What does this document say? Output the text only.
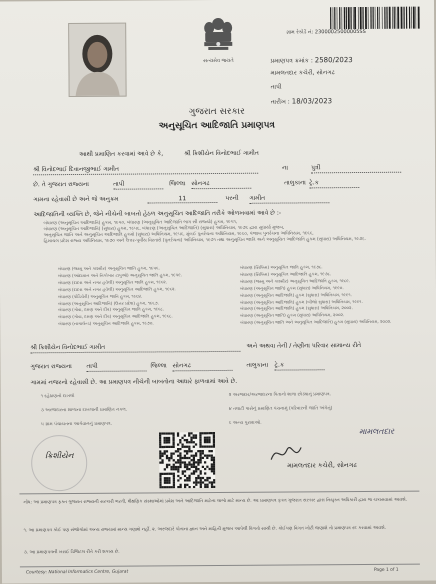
સત્યમેવ જયતે
ગ્રામ રેકોર્ડ નં: 23000025000005SS
પ્રમાણપત્ર ક્રમાંક : 2580/2023
મામલતદાર કચેરી, સોનગઢ
તાપી
તારીખ : 18/03/2023
ગુજરાત સરકાર
અનુસૂચિત આદિજાતિ પ્રમાણપત્ર
આથી પ્રમાણિત કરવામાં આવે છે કે,	શ્રી ક્રિશીયેન વિનોદભાઈ ગામીત
શ્રી વિનોદભાઈ દિવાનજીભાઈ ગામીત	ના	પુત્રી
છે. તે ગુજરાત રાજ્યના	તાપી	જિલ્લા સોનગઢ	તાલુકાના ટ્રે.ક
ગામના રહેવાસી છે અને જે અનુક્રમ	11	પરની ગામીત
આદિજાતિની વ્યક્તિ છે, જેને નીચેની બાબતો હેઠળ અનુસૂચિત આદિજાતિ તરીકે ઓળખવામાં આવે છે :-
બંધારણ (અનુસૂચિત આદિજાતિ) હુકમ, ૧૯૫૦, બંધારણ (અનુસૂચિત આદિજાતિ ભાગ સી રાજ્યો) હુકમ, ૧૯૫૧,
બંધારણ (અનુસૂચિત આદિજાતિ) (સુધારા) હુકમ, ૧૯૫૬, બંધારણ (અનુસૂચિત આદિજાતિ) (સુધારા) અધિનિયમ, ૧૯૭૬ દ્વારા સુધાર્યા મુજબ,
અનુસૂચિત જાતિ અને અનુસૂચિત આદિજાતિ હુકમો (સુધારા) અધિનિયમ, ૧૯૫૬, મુંબઈ પુનર્રચના અધિનિયમ, ૧૯૬૦, પંજાબ પુનર્રચના અધિનિયમ, ૧૯૬૬,
હિમાચલ પ્રદેશ રાજ્ય અધિનિયમ, ૧૯૭૦ અને ઉત્તર-પૂર્વીય વિસ્તારો (પુનર્રચના) અધિનિયમ, ૧૯૭૧ તથા અનુસૂચિત જાતિ અને અનુસૂચિત આદિજાતિ હુકમ (સુધારા) અધિનિયમ, ૧૯૭૬.
બંધારણ (જમ્મુ અને કાશ્મીર) અનુસૂચિત જાતિ હુકમ, ૧૯૫૬.
બંધારણ (આંદામાન અને નિકોબાર ટાપુઓ) અનુસૂચિત જાતિ હુકમ, ૧૯૫૯.
બંધારણ (દાદરા અને નગર હવેલી) અનુસૂચિત જાતિ હુકમ, ૧૯૬૨.
બંધારણ (દાદરા અને નગર હવેલી) અનુસૂચિત આદિજાતિ હુકમ, ૧૯૬૨.
બંધારણ (પોંડિચેરી) અનુસૂચિત જાતિ હુકમ, ૧૯૬૪.
બંધારણ (અનુસૂચિત આદિજાતિ) (ઉત્તર પ્રદેશ) હુકમ, ૧૯૬૭.
બંધારણ (ગોવા, દમણ અને દીવ) અનુસૂચિત જાતિ હુકમ, ૧૯૬૮.
બંધારણ (ગોવા, દમણ અને દીવ) અનુસૂચિત આદિજાતિ હુકમ, ૧૯૬૮.
બંધારણ (નાગાલેન્ડ) અનુસૂચિત આદિજાતિ હુકમ, ૧૯૭૦.
બંધારણ (સિક્કિમ) અનુસૂચિત જાતિ હુકમ, ૧૯૭૮.
બંધારણ (સિક્કિમ) અનુસૂચિત આદિજાતિ હુકમ, ૧૯૭૮.
બંધારણ (જમ્મુ અને કાશ્મીર) અનુસૂચિત આદિજાતિ હુકમ, ૧૯૮૯.
બંધારણ (અનુસૂચિત જાતિ) હુકમ (સુધારા) અધિનિયમ, ૧૯૯૦.
બંધારણ (અનુસૂચિત આદિજાતિ) હુકમ (સુધારા) અધિનિયમ, ૧૯૯૧.
બંધારણ (અનુસૂચિત આદિજાતિ) હુકમ (બીજો સુધારા) અધિનિયમ, ૧૯૯૧.
બંધારણ (અનુસૂચિત આદિજાતિ) હુકમ (સુધારા) અધિનિયમ, ૨૦૦૨.
બંધારણ (અનુસૂચિત જાતિ) હુકમ (સુધારા) અધિનિયમ, ૨૦૦૨.
બંધારણ (અનુસૂચિત જાતિ અને અનુસૂચિત આદિજાતિ) હુકમ (સુધારા) અધિનિયમ, ૨૦૦૨.
શ્રી ક્રિશીયેન વિનોદભાઈ ગામીત	અને અથવા તેની / તેણીના પરિવાર સામાન્ય રીતે
ગુજરાત રાજ્યના તાપી	જિલ્લા સોનગઢ	તાલુકાના ટ્રે.ક
ગામમાં નજરનો રહેવાસી છે. આ પ્રમાણપત્ર નીચેની બાબતોના આધારે ફાળવામાં આવે છે.
૧ રહેઠાણનો દાખલો	૨ અરજદાર/અરજદારના પિતાનો શાળા છોડ્યાનું પ્રમાણપત્ર.
૩ અરજદારના શાળાના દાખલાની પ્રમાણિત નકલ.	૪ તલાટી પાસેનું પ્રમાણિત પંચનામું (પરિવારની જાતિ અંગેનું)
૫ ગ્રામ પંચાયતના આગેવાનનું પ્રમાણપત્ર.	૬ અન્ય પુરાવાઓ.
ક્રિશીયેન
મામલતદાર
મામલતદાર કચેરી, સોનગઢ
નોંધ: આ પ્રમાણપત્ર ફક્ત ગુજરાત રાજ્યની સરકારી ભરતી, શૈક્ષણિક સંસ્થાઓમાં પ્રવેશ અને આદિજાતિ માટેના લાભો માટે માન્ય છે. આ પ્રમાણપત્ર ફક્ત ગુજરાત સરકાર દ્વારા નિયુક્ત અધિકારી દ્વારા જ ચકાસવામાં આવશે.
૧. આ પ્રમાણપત્ર કોઈ પણ સંજોગોમાં અન્ય રાજ્યમાં માન્ય ગણાશે નહીં. ૨. અરજદારે પોતાના જ્ઞાન અને માહિતી મુજબ આપેલી વિગતો સાચી છે. કોઈપણ વિગત ખોટી જણાશે તો પ્રમાણપત્ર રદ કરવામાં આવશે.
૩. આ પ્રમાણપત્રની ખરાઈ ડિજિટલ રીતે કરી શકાય છે.
Courtesy: National Informatics Centre, Gujarat	Page 1 of 1
